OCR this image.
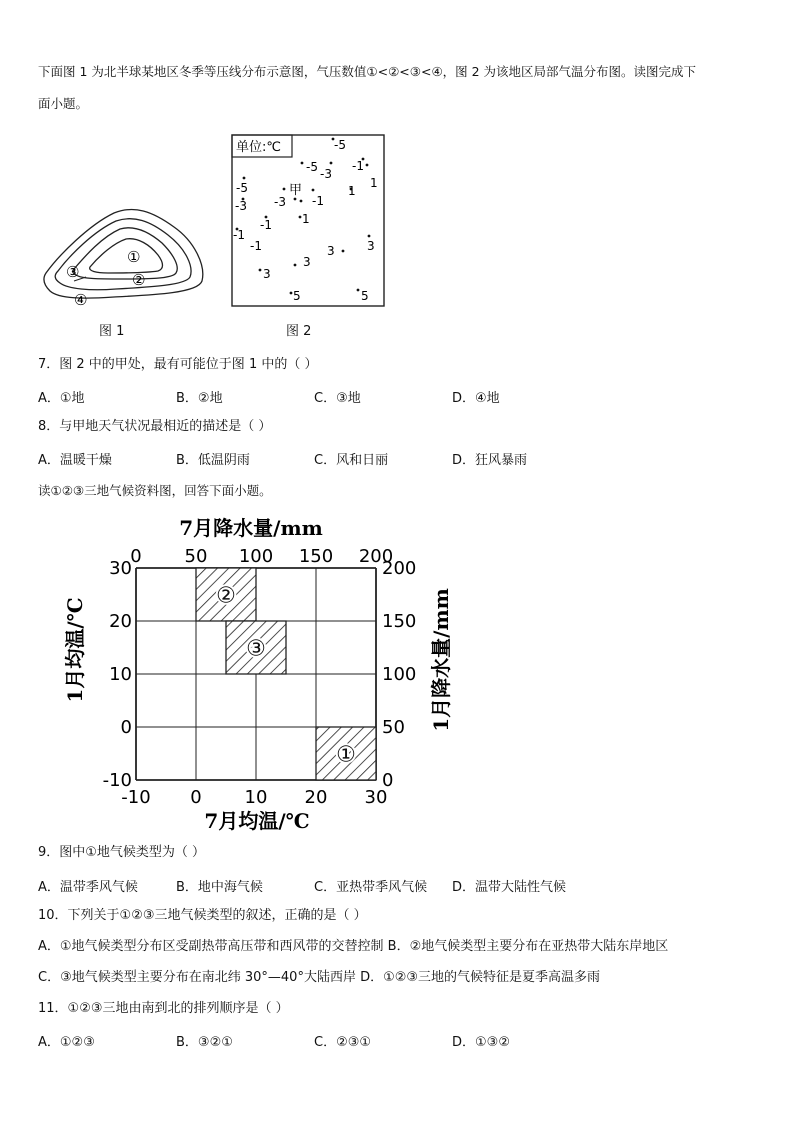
下面图 1 为北半球某地区冬季等压线分布示意图，气压数值①<②<③<④，图 2 为该地区局部气温分布图。读图完成下
面小题。
①
②
③
④
图 1
单位:℃	-5
-5 -3
-1
1
-5
-3	-1
-3
-1
1
-1
-1
1
3
3
3
3
5	5
甲
图 2
7．图 2 中的甲处，最有可能位于图 1 中的（ ）
A．①地	B．②地	C．③地	D．④地
8．与甲地天气状况最相近的描述是（ ）
A．温暖干燥	B．低温阴雨	C．风和日丽	D．狂风暴雨
读①②③三地气候资料图，回答下面小题。
①
②
③
0 50 100 150 200
-10 0 10 20 30
30
20
10
0
-10
200
150
100
50
0
7月降水量/mm
7月均温/℃
1月均温/℃	1月降水量/mm
9．图中①地气候类型为（ ）
A．温带季风气候	B．地中海气候	C．亚热带季风气候 D．温带大陆性气候
10．下列关于①②③三地气候类型的叙述，正确的是（ ）
A．①地气候类型分布区受副热带高压带和西风带的交替控制 B．②地气候类型主要分布在亚热带大陆东岸地区
C．③地气候类型主要分布在南北纬 30°—40°大陆西岸 D．①②③三地的气候特征是夏季高温多雨
11．①②③三地由南到北的排列顺序是（ ）
A．①②③	B．③②①	C．②③①	D．①③②
